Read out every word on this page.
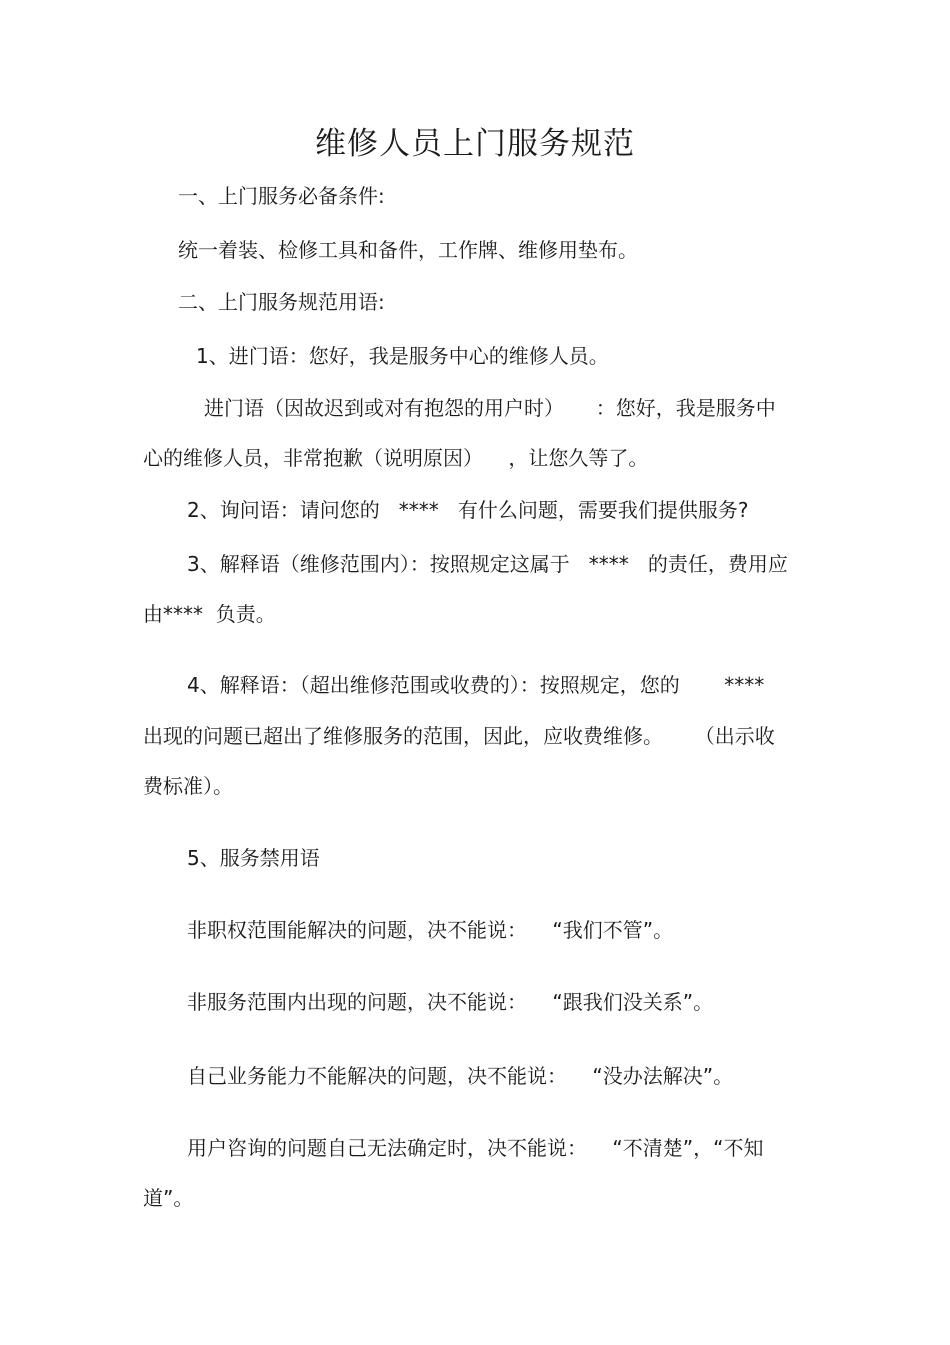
维修人员上门服务规范

一、上门服务必备条件:

统一着装、检修工具和备件，工作牌、维修用垫布。

二、上门服务规范用语:

1、进门语：您好，我是服务中心的维修人员。

进门语（因故迟到或对有抱怨的用户时）     ：您好，我是服务中

心的维修人员，非常抱歉（说明原因）    ，让您久等了。

2、询问语：请问您的   ****   有什么问题，需要我们提供服务?

3、解释语（维修范围内）：按照规定这属于   ****   的责任，费用应

由****  负责。

4、解释语：（超出维修范围或收费的）：按照规定，您的       ****

出现的问题已超出了维修服务的范围，因此，应收费维修。     （出示收

费标准）。

5、服务禁用语

非职权范围能解决的问题，决不能说：    “我们不管”。

非服务范围内出现的问题，决不能说：    “跟我们没关系”。

自己业务能力不能解决的问题，决不能说：    “没办法解决”。

用户咨询的问题自己无法确定时，决不能说：    “不清楚”，“不知

道”。
